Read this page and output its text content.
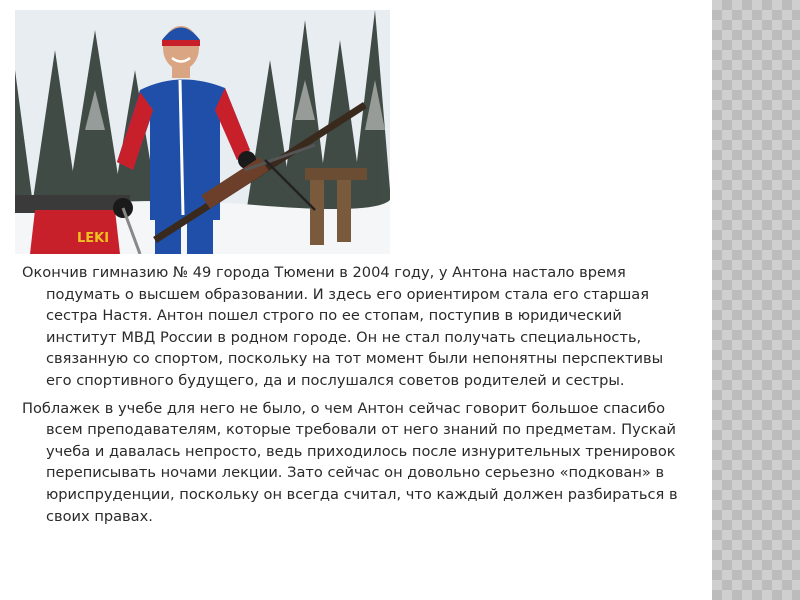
LEKI

Окончив гимназию № 49 города Тюмени в 2004 году, у Антона настало время подумать о высшем образовании. И здесь его ориентиром стала его старшая сестра Настя. Антон пошел строго по ее стопам, поступив в юридический институт МВД России в родном городе. Он не стал получать специальность, связанную со спортом, поскольку на тот момент были непонятны перспективы его спортивного будущего, да и послушался советов родителей и сестры.

Поблажек в учебе для него не было, о чем Антон сейчас говорит большое спасибо всем преподавателям, которые требовали от него знаний по предметам. Пускай учеба и давалась непросто, ведь приходилось после изнурительных тренировок переписывать ночами лекции. Зато сейчас он довольно серьезно «подкован» в юриспруденции, поскольку он всегда считал, что каждый должен разбираться в своих правах.
